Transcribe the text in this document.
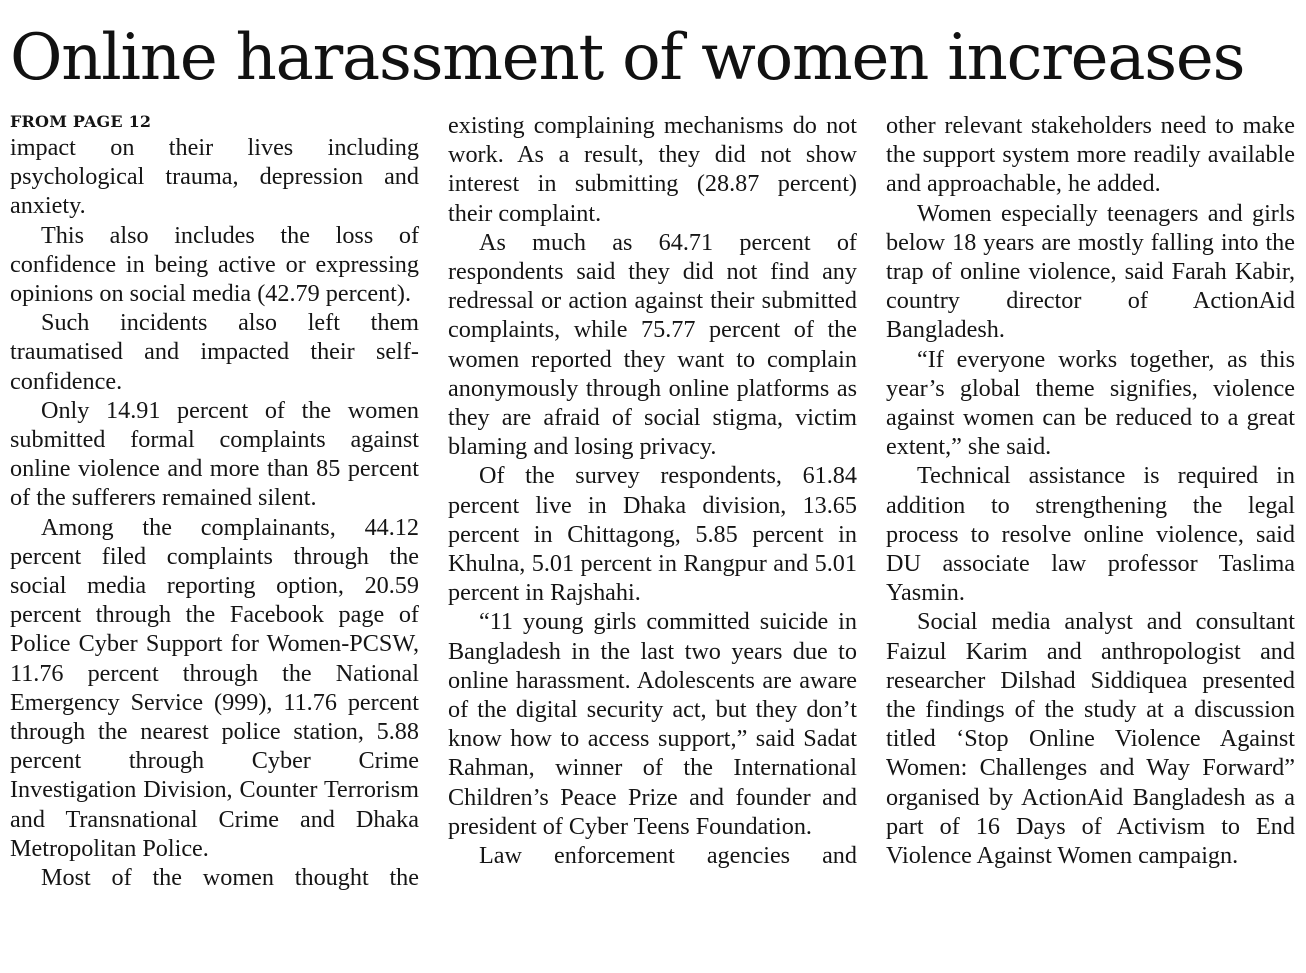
Online harassment of women increases
FROM PAGE 12

impact on their lives including psychological trauma, depression and anxiety.

This also includes the loss of confidence in being active or expressing opinions on social media (42.79 percent).

Such incidents also left them traumatised and impacted their self-confidence.

Only 14.91 percent of the women submitted formal complaints against online violence and more than 85 percent of the sufferers remained silent.

Among the complainants, 44.12 percent filed complaints through the social media reporting option, 20.59 percent through the Facebook page of Police Cyber Support for Women-PCSW, 11.76 percent through the National Emergency Service (999), 11.76 percent through the nearest police station, 5.88 percent through Cyber Crime Investigation Division, Counter Terrorism and Transnational Crime and Dhaka Metropolitan Police.

Most of the women thought the

existing complaining mechanisms do not work. As a result, they did not show interest in submitting (28.87 percent) their complaint.

As much as 64.71 percent of respondents said they did not find any redressal or action against their submitted complaints, while 75.77 percent of the women reported they want to complain anonymously through online platforms as they are afraid of social stigma, victim blaming and losing privacy.

Of the survey respondents, 61.84 percent live in Dhaka division, 13.65 percent in Chittagong, 5.85 percent in Khulna, 5.01 percent in Rangpur and 5.01 percent in Rajshahi.

“11 young girls committed suicide in Bangladesh in the last two years due to online harassment. Adolescents are aware of the digital security act, but they don’t know how to access support,” said Sadat Rahman, winner of the International Children’s Peace Prize and founder and president of Cyber Teens Foundation.

Law enforcement agencies and

other relevant stakeholders need to make the support system more readily available and approachable, he added.

Women especially teenagers and girls below 18 years are mostly falling into the trap of online violence, said Farah Kabir, country director of ActionAid Bangladesh.

“If everyone works together, as this year’s global theme signifies, violence against women can be reduced to a great extent,” she said.

Technical assistance is required in addition to strengthening the legal process to resolve online violence, said DU associate law professor Taslima Yasmin.

Social media analyst and consultant Faizul Karim and anthropologist and researcher Dilshad Siddiquea presented the findings of the study at a discussion titled ‘Stop Online Violence Against Women: Challenges and Way Forward” organised by ActionAid Bangladesh as a part of 16 Days of Activism to End Violence Against Women campaign.
